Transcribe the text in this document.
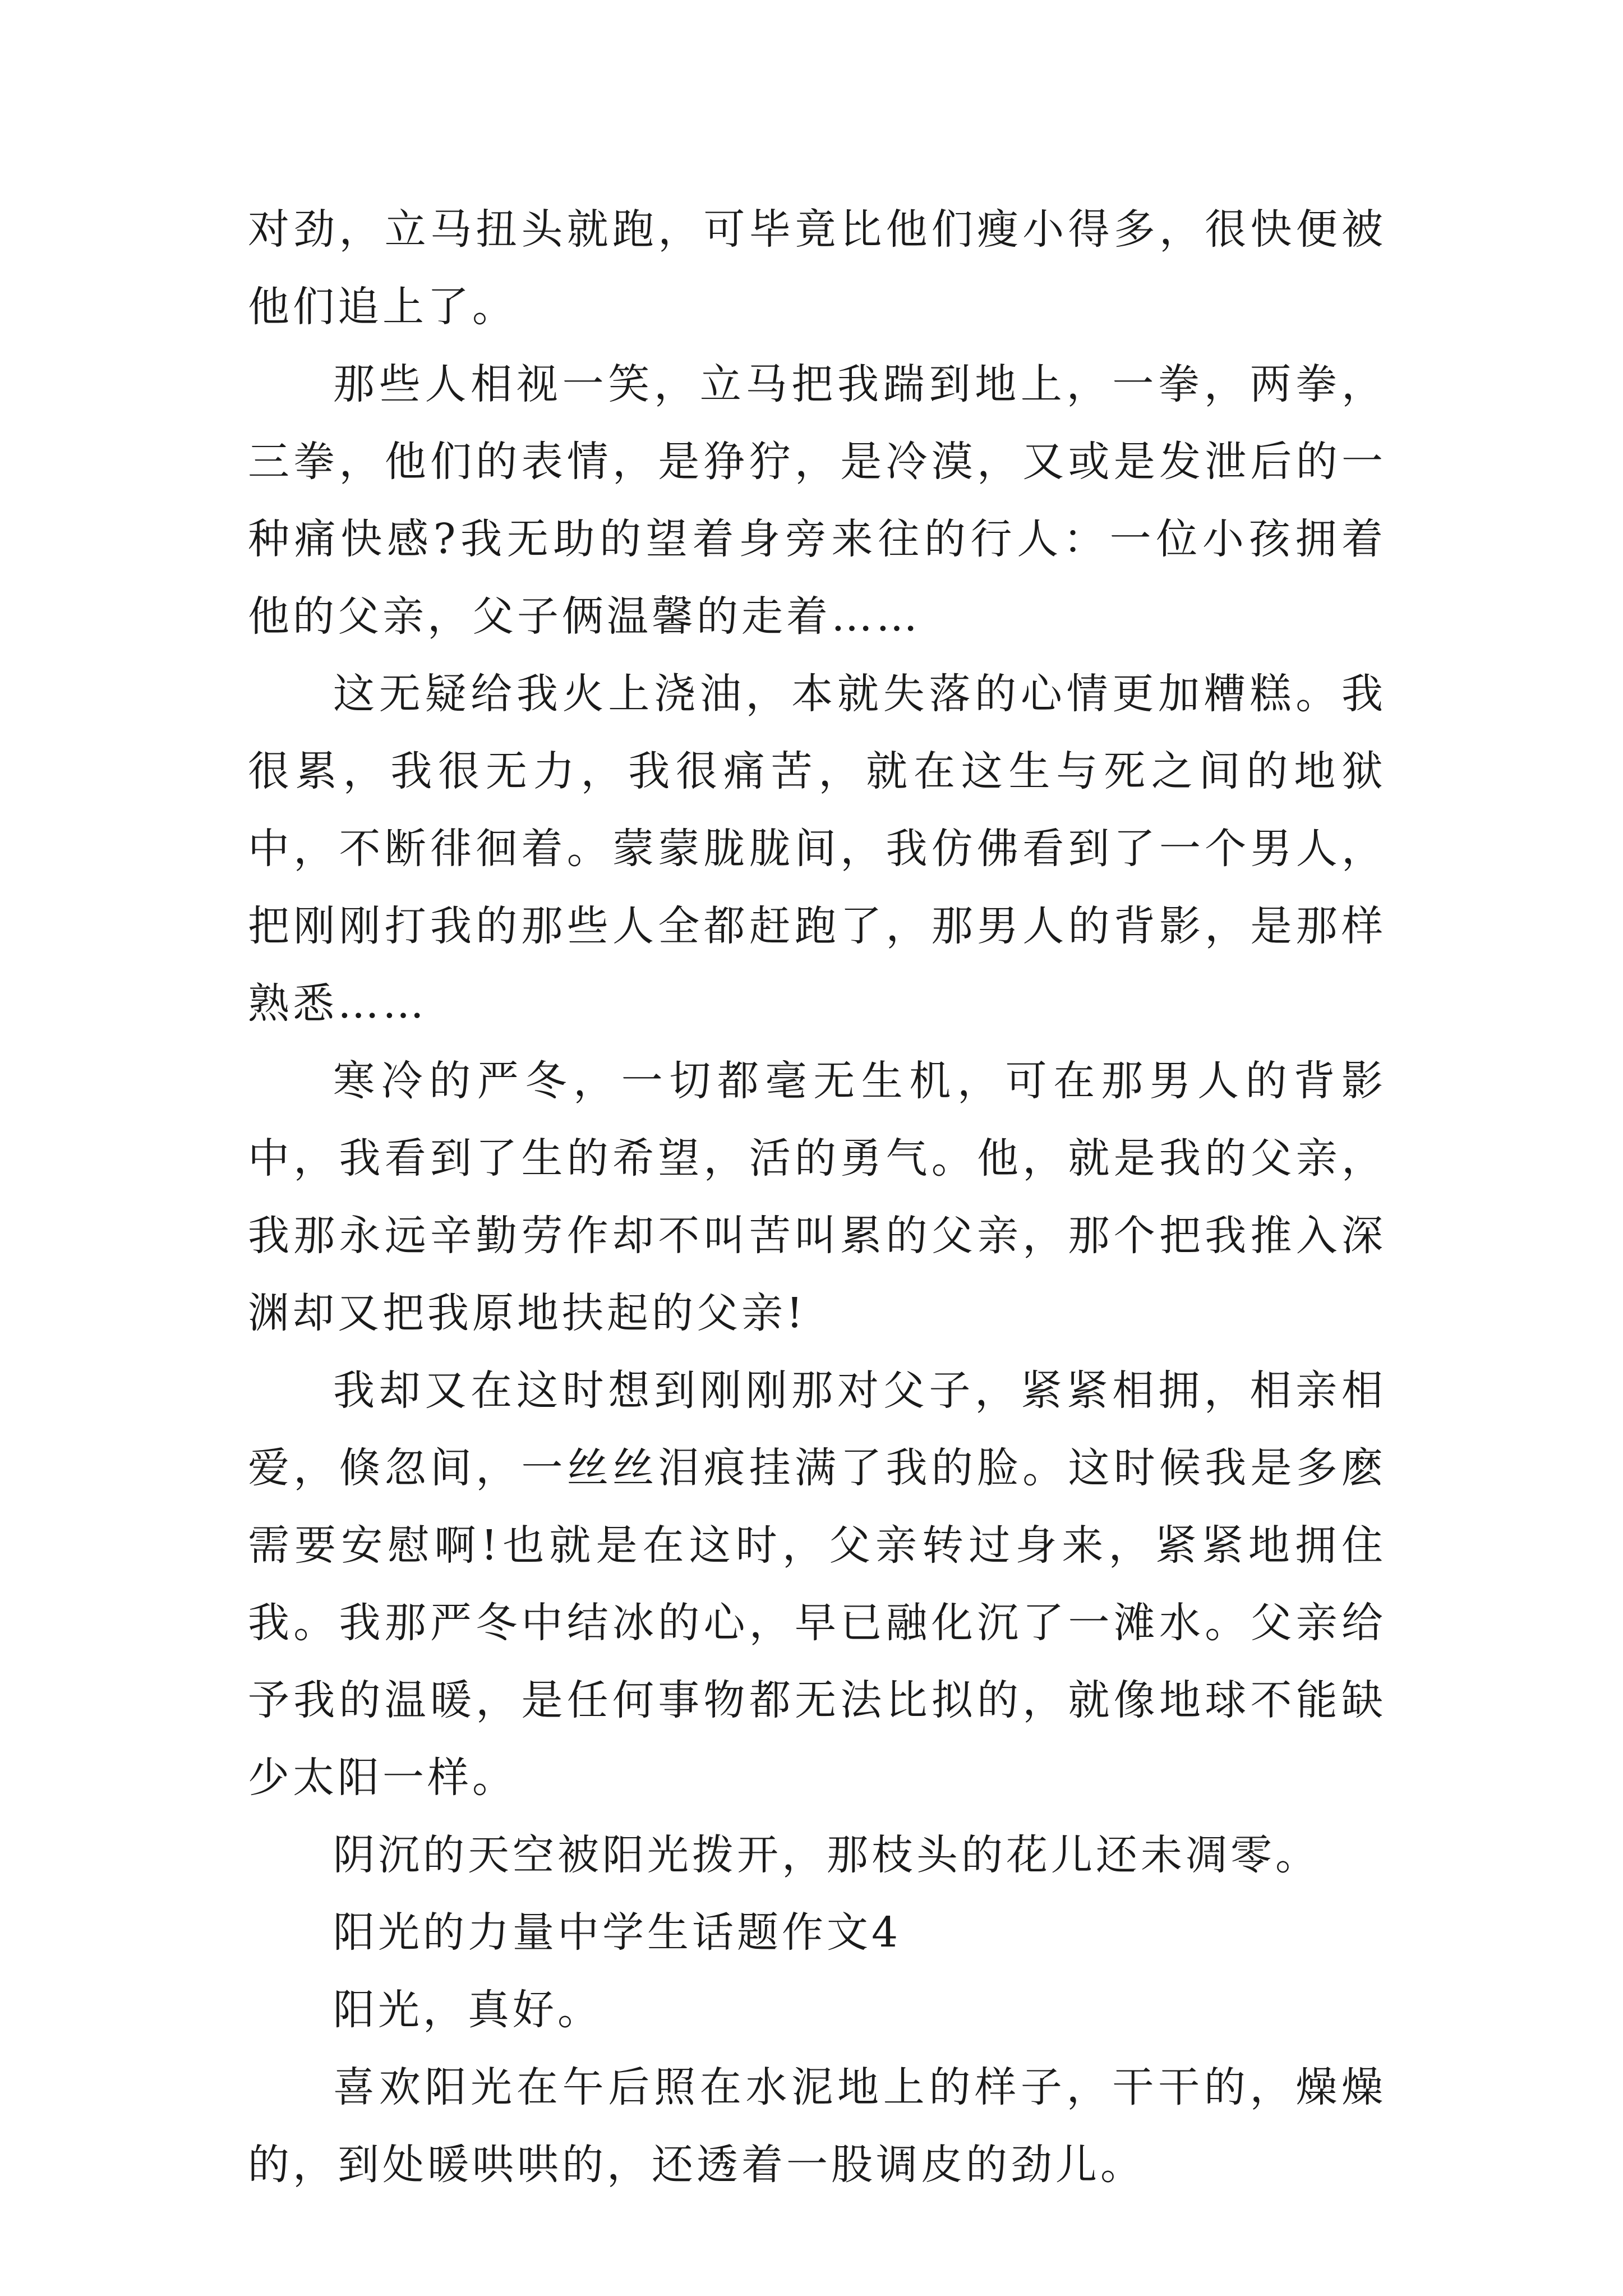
对劲，立马扭头就跑，可毕竟比他们瘦小得多，很快便被他们追上了。

那些人相视一笑，立马把我踹到地上，一拳，两拳，三拳，他们的表情，是狰狞，是冷漠，又或是发泄后的一种痛快感?我无助的望着身旁来往的行人：一位小孩拥着他的父亲，父子俩温馨的走着……

这无疑给我火上浇油，本就失落的心情更加糟糕。我很累，我很无力，我很痛苦，就在这生与死之间的地狱中，不断徘徊着。蒙蒙胧胧间，我仿佛看到了一个男人，把刚刚打我的那些人全都赶跑了，那男人的背影，是那样熟悉……

寒冷的严冬，一切都毫无生机，可在那男人的背影中，我看到了生的希望，活的勇气。他，就是我的父亲，我那永远辛勤劳作却不叫苦叫累的父亲，那个把我推入深渊却又把我原地扶起的父亲!

我却又在这时想到刚刚那对父子，紧紧相拥，相亲相爱，倏忽间，一丝丝泪痕挂满了我的脸。这时候我是多麽需要安慰啊!也就是在这时，父亲转过身来，紧紧地拥住我。我那严冬中结冰的心，早已融化沉了一滩水。父亲给予我的温暖，是任何事物都无法比拟的，就像地球不能缺少太阳一样。

阴沉的天空被阳光拨开，那枝头的花儿还未凋零。

阳光的力量中学生话题作文4

阳光，真好。

喜欢阳光在午后照在水泥地上的样子，干干的，燥燥的，到处暖哄哄的，还透着一股调皮的劲儿。
